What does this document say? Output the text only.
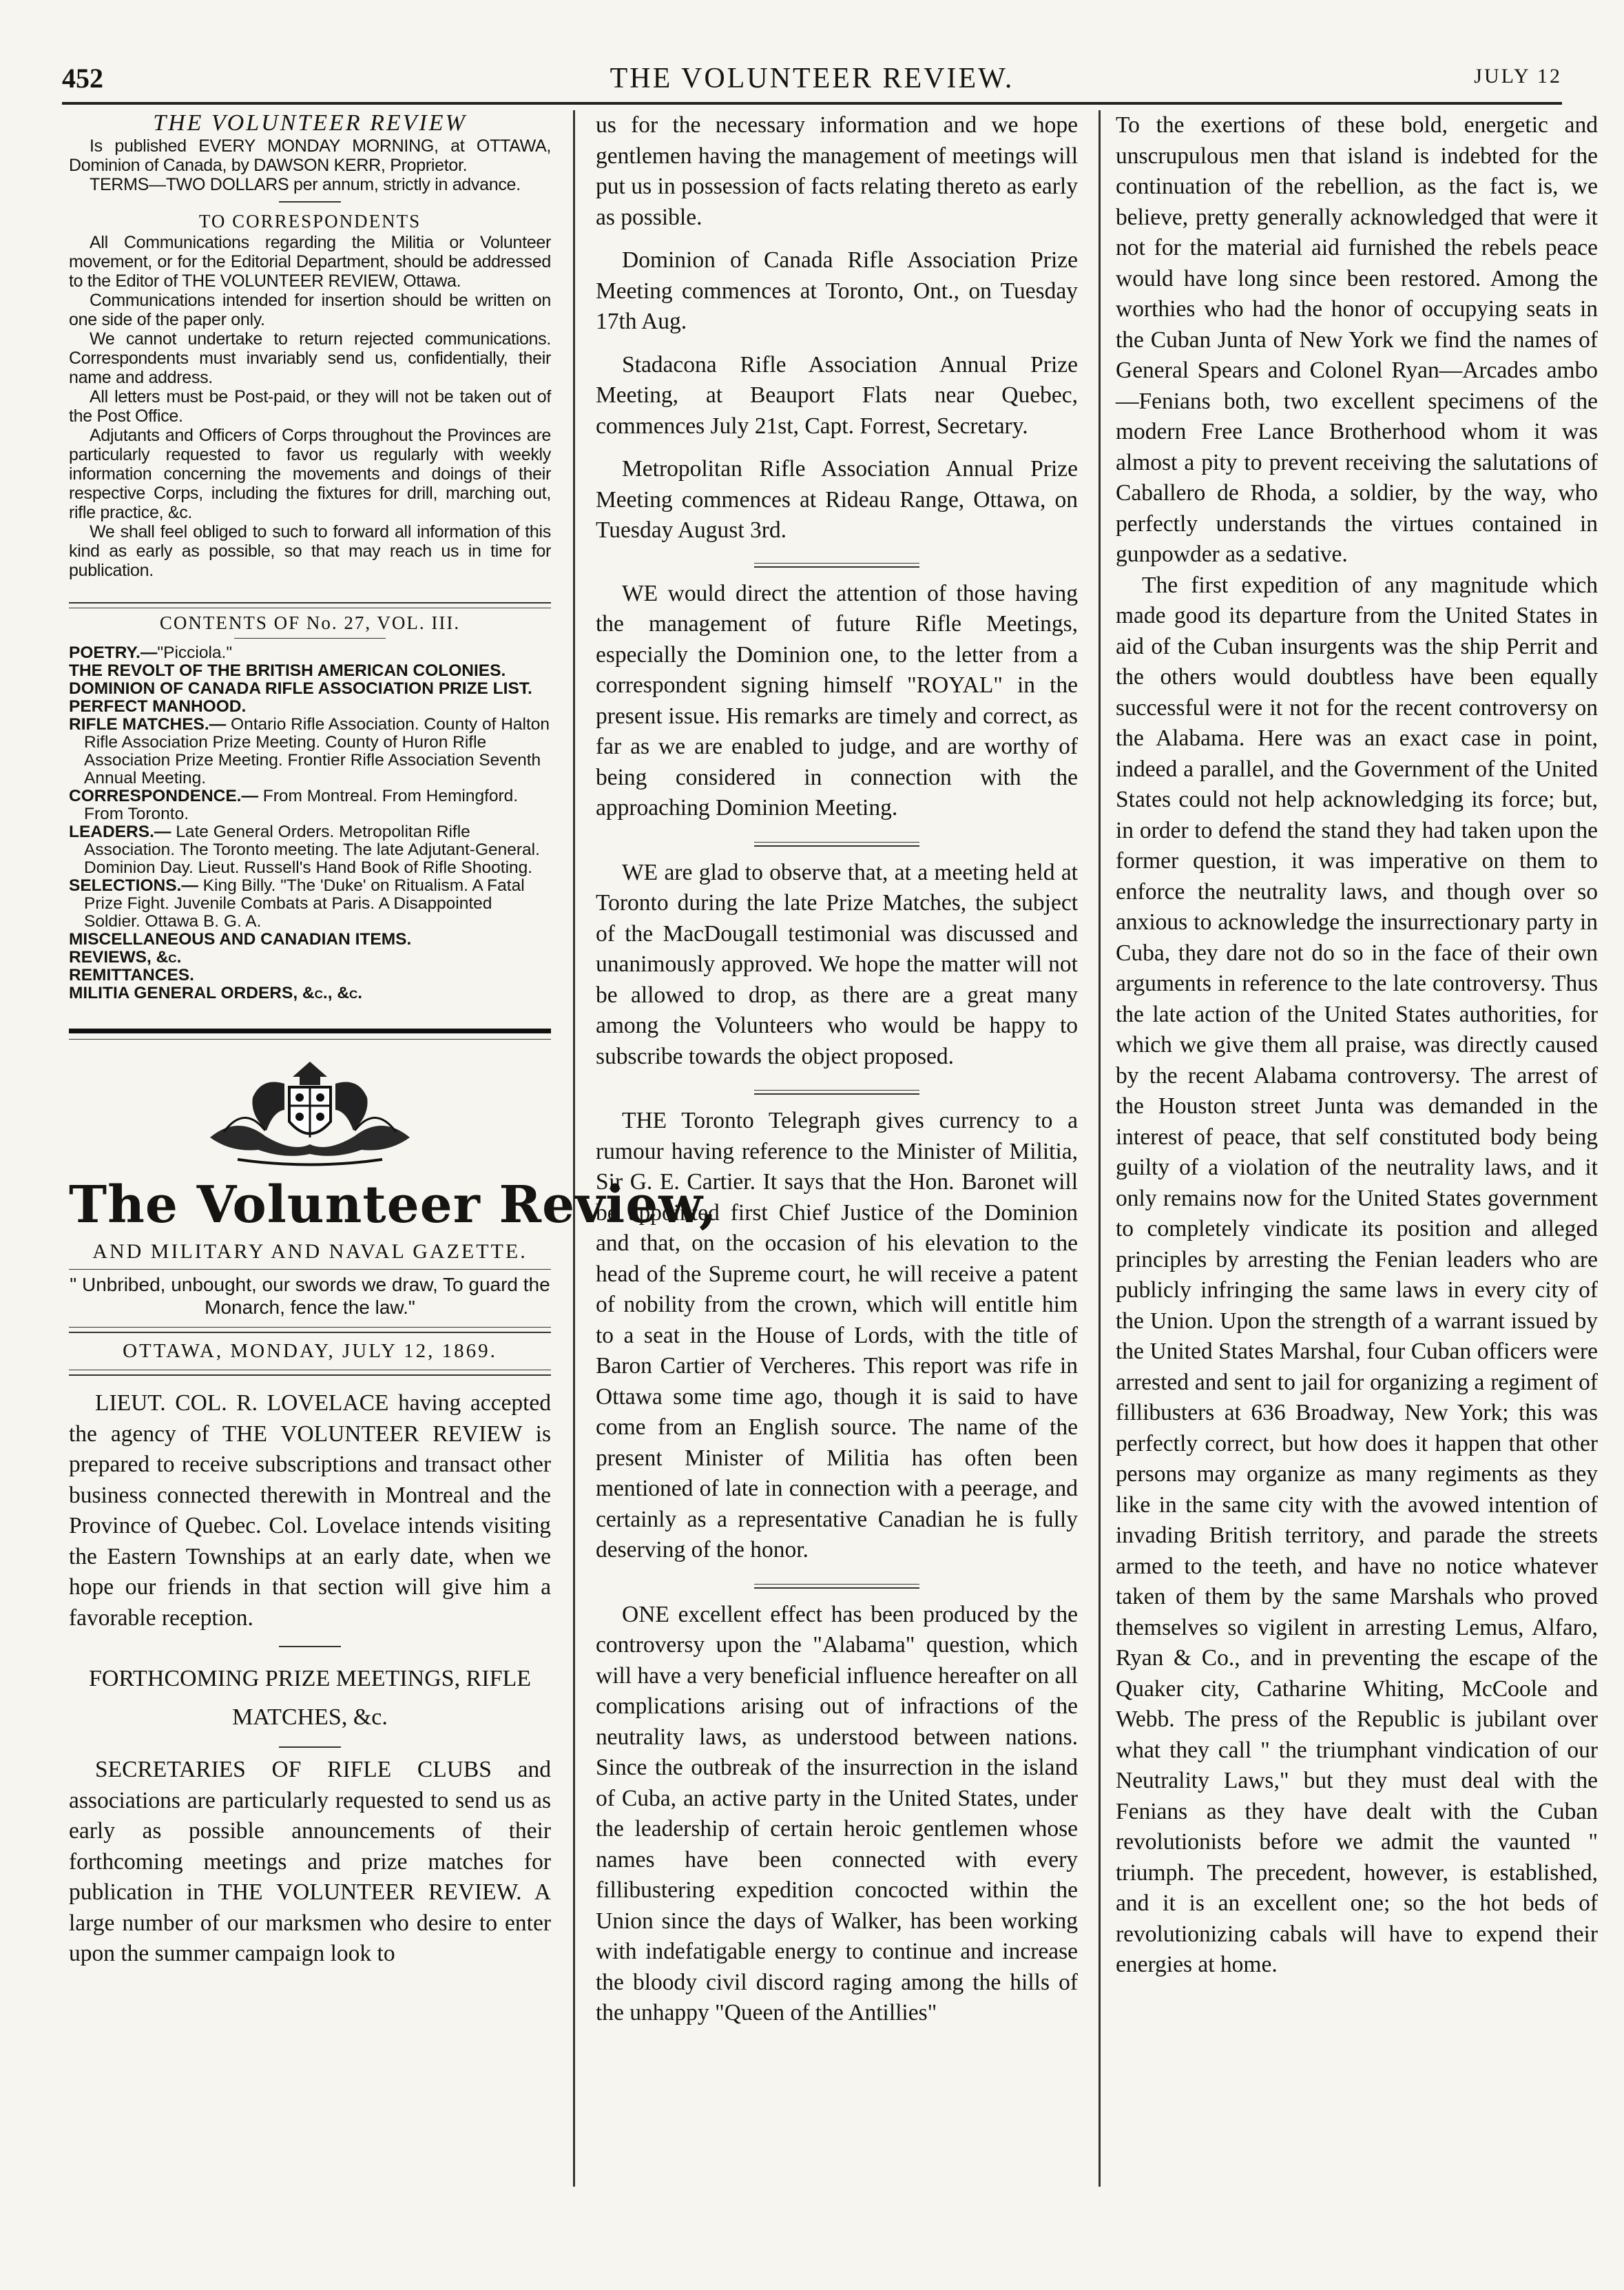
452	THE VOLUNTEER REVIEW.	JULY 12

THE VOLUNTEER REVIEW

Is published EVERY MONDAY MORNING, at OTTAWA, Dominion of Canada, by DAWSON KERR, Proprietor.

TERMS—TWO DOLLARS per annum, strictly in advance.

TO CORRESPONDENTS

All Communications regarding the Militia or Volunteer movement, or for the Editorial Department, should be addressed to the Editor of THE VOLUNTEER REVIEW, Ottawa.

Communications intended for insertion should be written on one side of the paper only.

We cannot undertake to return rejected communications. Correspondents must invariably send us, confidentially, their name and address.

All letters must be Post-paid, or they will not be taken out of the Post Office.

Adjutants and Officers of Corps throughout the Provinces are particularly requested to favor us regularly with weekly information concerning the movements and doings of their respective Corps, including the fixtures for drill, marching out, rifle practice, &c.

We shall feel obliged to such to forward all information of this kind as early as possible, so that may reach us in time for publication.

CONTENTS OF No. 27, VOL. III.

POETRY.—"Picciola."

THE REVOLT OF THE BRITISH AMERICAN COLONIES.

DOMINION OF CANADA RIFLE ASSOCIATION PRIZE LIST.

PERFECT MANHOOD.

RIFLE MATCHES.— Ontario Rifle Association. County of Halton Rifle Association Prize Meeting. County of Huron Rifle Association Prize Meeting. Frontier Rifle Association Seventh Annual Meeting.

CORRESPONDENCE.— From Montreal. From Hemingford. From Toronto.

LEADERS.— Late General Orders. Metropolitan Rifle Association. The Toronto meeting. The late Adjutant-General. Dominion Day. Lieut. Russell's Hand Book of Rifle Shooting.

SELECTIONS.— King Billy. "The 'Duke' on Ritualism. A Fatal Prize Fight. Juvenile Combats at Paris. A Disappointed Soldier. Ottawa B. G. A.

MISCELLANEOUS AND CANADIAN ITEMS.

REVIEWS, &c.

REMITTANCES.

MILITIA GENERAL ORDERS, &c., &c.

The Volunteer Review,

AND MILITARY AND NAVAL GAZETTE.

" Unbribed, unbought, our swords we draw, To guard the Monarch, fence the law."

OTTAWA, MONDAY, JULY 12, 1869.

LIEUT. COL. R. LOVELACE having accepted the agency of THE VOLUNTEER REVIEW is prepared to receive subscriptions and transact other business connected therewith in Montreal and the Province of Quebec. Col. Lovelace intends visiting the Eastern Townships at an early date, when we hope our friends in that section will give him a favorable reception.

FORTHCOMING PRIZE MEETINGS, RIFLE MATCHES, &c.

SECRETARIES OF RIFLE CLUBS and associations are particularly requested to send us as early as possible announcements of their forthcoming meetings and prize matches for publication in THE VOLUNTEER REVIEW. A large number of our marksmen who desire to enter upon the summer campaign look to

us for the necessary information and we hope gentlemen having the management of meetings will put us in possession of facts relating thereto as early as possible.

Dominion of Canada Rifle Association Prize Meeting commences at Toronto, Ont., on Tuesday 17th Aug.

Stadacona Rifle Association Annual Prize Meeting, at Beauport Flats near Quebec, commences July 21st, Capt. Forrest, Secretary.

Metropolitan Rifle Association Annual Prize Meeting commences at Rideau Range, Ottawa, on Tuesday August 3rd.

WE would direct the attention of those having the management of future Rifle Meetings, especially the Dominion one, to the letter from a correspondent signing himself "ROYAL" in the present issue. His remarks are timely and correct, as far as we are enabled to judge, and are worthy of being considered in connection with the approaching Dominion Meeting.

WE are glad to observe that, at a meeting held at Toronto during the late Prize Matches, the subject of the MacDougall testimonial was discussed and unanimously approved. We hope the matter will not be allowed to drop, as there are a great many among the Volunteers who would be happy to subscribe towards the object proposed.

THE Toronto Telegraph gives currency to a rumour having reference to the Minister of Militia, Sir G. E. Cartier. It says that the Hon. Baronet will be appointed first Chief Justice of the Dominion and that, on the occasion of his elevation to the head of the Supreme court, he will receive a patent of nobility from the crown, which will entitle him to a seat in the House of Lords, with the title of Baron Cartier of Vercheres. This report was rife in Ottawa some time ago, though it is said to have come from an English source. The name of the present Minister of Militia has often been mentioned of late in connection with a peerage, and certainly as a representative Canadian he is fully deserving of the honor.

ONE excellent effect has been produced by the controversy upon the "Alabama" question, which will have a very beneficial influence hereafter on all complications arising out of infractions of the neutrality laws, as understood between nations. Since the outbreak of the insurrection in the island of Cuba, an active party in the United States, under the leadership of certain heroic gentlemen whose names have been connected with every fillibustering expedition concocted within the Union since the days of Walker, has been working with indefatigable energy to continue and increase the bloody civil discord raging among the hills of the unhappy "Queen of the Antillies"

To the exertions of these bold, energetic and unscrupulous men that island is indebted for the continuation of the rebellion, as the fact is, we believe, pretty generally acknowledged that were it not for the material aid furnished the rebels peace would have long since been restored. Among the worthies who had the honor of occupying seats in the Cuban Junta of New York we find the names of General Spears and Colonel Ryan—Arcades ambo—Fenians both, two excellent specimens of the modern Free Lance Brotherhood whom it was almost a pity to prevent receiving the salutations of Caballero de Rhoda, a soldier, by the way, who perfectly understands the virtues contained in gunpowder as a sedative.

The first expedition of any magnitude which made good its departure from the United States in aid of the Cuban insurgents was the ship Perrit and the others would doubtless have been equally successful were it not for the recent controversy on the Alabama. Here was an exact case in point, indeed a parallel, and the Government of the United States could not help acknowledging its force; but, in order to defend the stand they had taken upon the former question, it was imperative on them to enforce the neutrality laws, and though over so anxious to acknowledge the insurrectionary party in Cuba, they dare not do so in the face of their own arguments in reference to the late controversy. Thus the late action of the United States authorities, for which we give them all praise, was directly caused by the recent Alabama controversy. The arrest of the Houston street Junta was demanded in the interest of peace, that self constituted body being guilty of a violation of the neutrality laws, and it only remains now for the United States government to completely vindicate its position and alleged principles by arresting the Fenian leaders who are publicly infringing the same laws in every city of the Union. Upon the strength of a warrant issued by the United States Marshal, four Cuban officers were arrested and sent to jail for organizing a regiment of fillibusters at 636 Broadway, New York; this was perfectly correct, but how does it happen that other persons may organize as many regiments as they like in the same city with the avowed intention of invading British territory, and parade the streets armed to the teeth, and have no notice whatever taken of them by the same Marshals who proved themselves so vigilent in arresting Lemus, Alfaro, Ryan & Co., and in preventing the escape of the Quaker city, Catharine Whiting, McCoole and Webb. The press of the Republic is jubilant over what they call " the triumphant vindication of our Neutrality Laws," but they must deal with the Fenians as they have dealt with the Cuban revolutionists before we admit the vaunted " triumph. The precedent, however, is established, and it is an excellent one; so the hot beds of revolutionizing cabals will have to expend their energies at home.
